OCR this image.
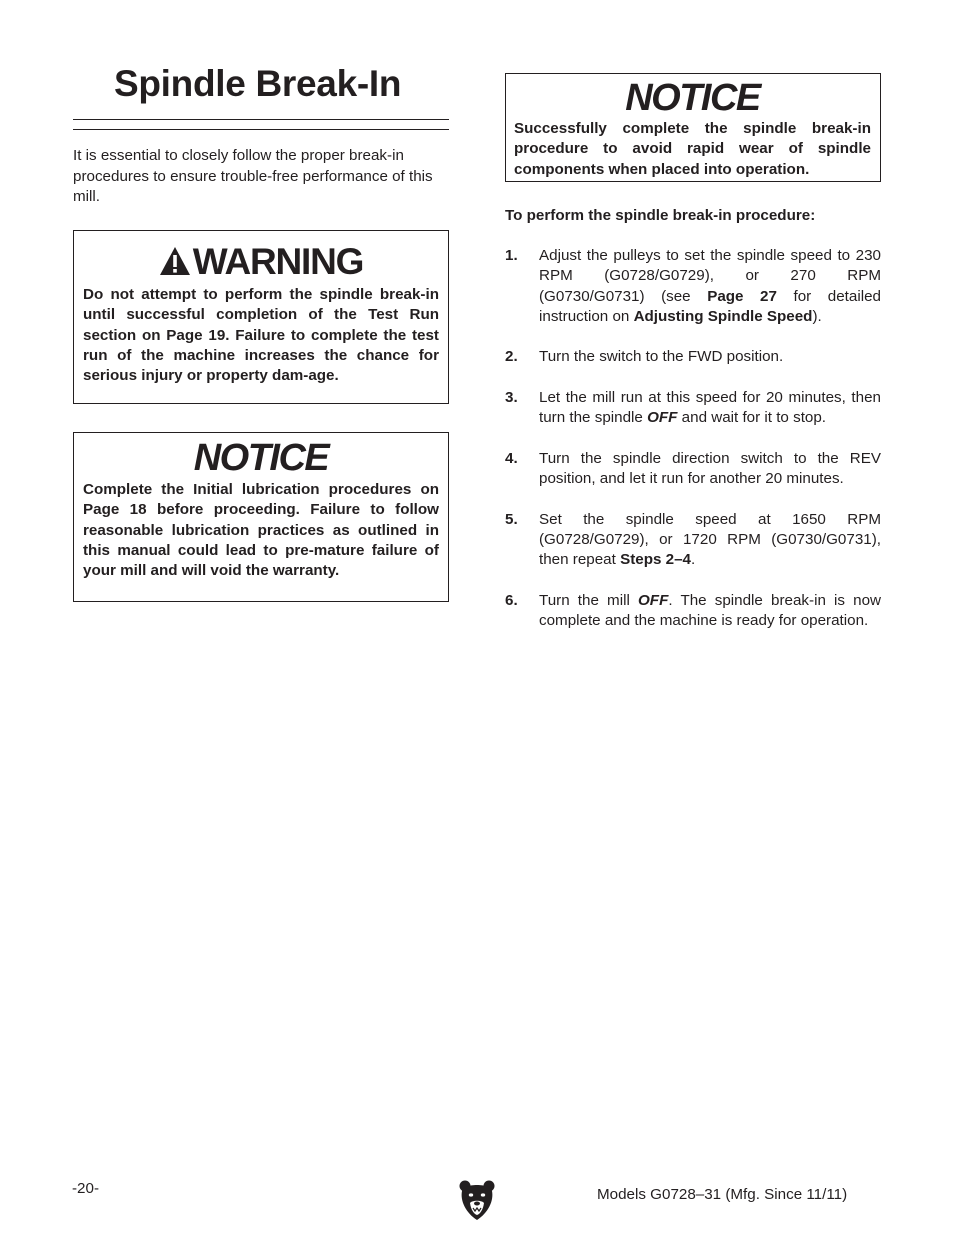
Spindle Break-In

It is essential to closely follow the proper break-in procedures to ensure trouble-free performance of this mill.

WARNING

Do not attempt to perform the spindle break-in until successful completion of the Test Run section on Page 19. Failure to complete the test run of the machine increases the chance for serious injury or property dam-age.

NOTICE

Complete the Initial lubrication procedures on Page 18 before proceeding. Failure to follow reasonable lubrication practices as outlined in this manual could lead to pre-mature failure of your mill and will void the warranty.

NOTICE

Successfully complete the spindle break-in procedure to avoid rapid wear of spindle components when placed into operation.

To perform the spindle break-in procedure:

1.	Adjust the pulleys to set the spindle speed to 230 RPM (G0728/G0729), or 270 RPM (G0730/G0731) (see Page 27 for detailed instruction on Adjusting Spindle Speed).
2.	Turn the switch to the FWD position.
3.	Let the mill run at this speed for 20 minutes, then turn the spindle OFF and wait for it to stop.
4.	Turn the spindle direction switch to the REV position, and let it run for another 20 minutes.
5.	Set the spindle speed at 1650 RPM (G0728/G0729), or 1720 RPM (G0730/G0731), then repeat Steps 2–4.
6.	Turn the mill OFF. The spindle break-in is now complete and the machine is ready for operation.
-20-	Models G0728–31 (Mfg. Since 11/11)
